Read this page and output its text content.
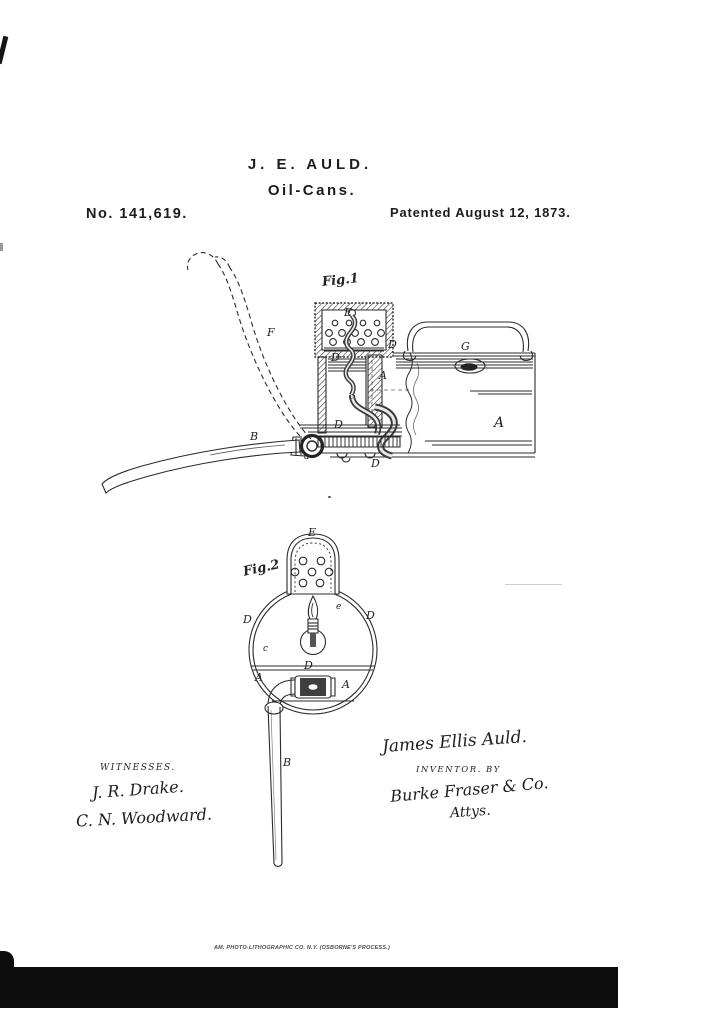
J. E. AULD.
Oil-Cans.
No. 141,619.	Patented August 12, 1873.
Fig.1
E
D
D
G
A
A
F
B
D
a	D
c
Fig.2
E
D
e
D
c
D
A
A
B
WITNESSES.
J. R. Drake.
C. N. Woodward.
James Ellis Auld.
INVENTOR. BY
Burke Fraser & Co.
Attys.
AM. PHOTO-LITHOGRAPHIC CO. N.Y. (OSBORNE'S PROCESS.)
